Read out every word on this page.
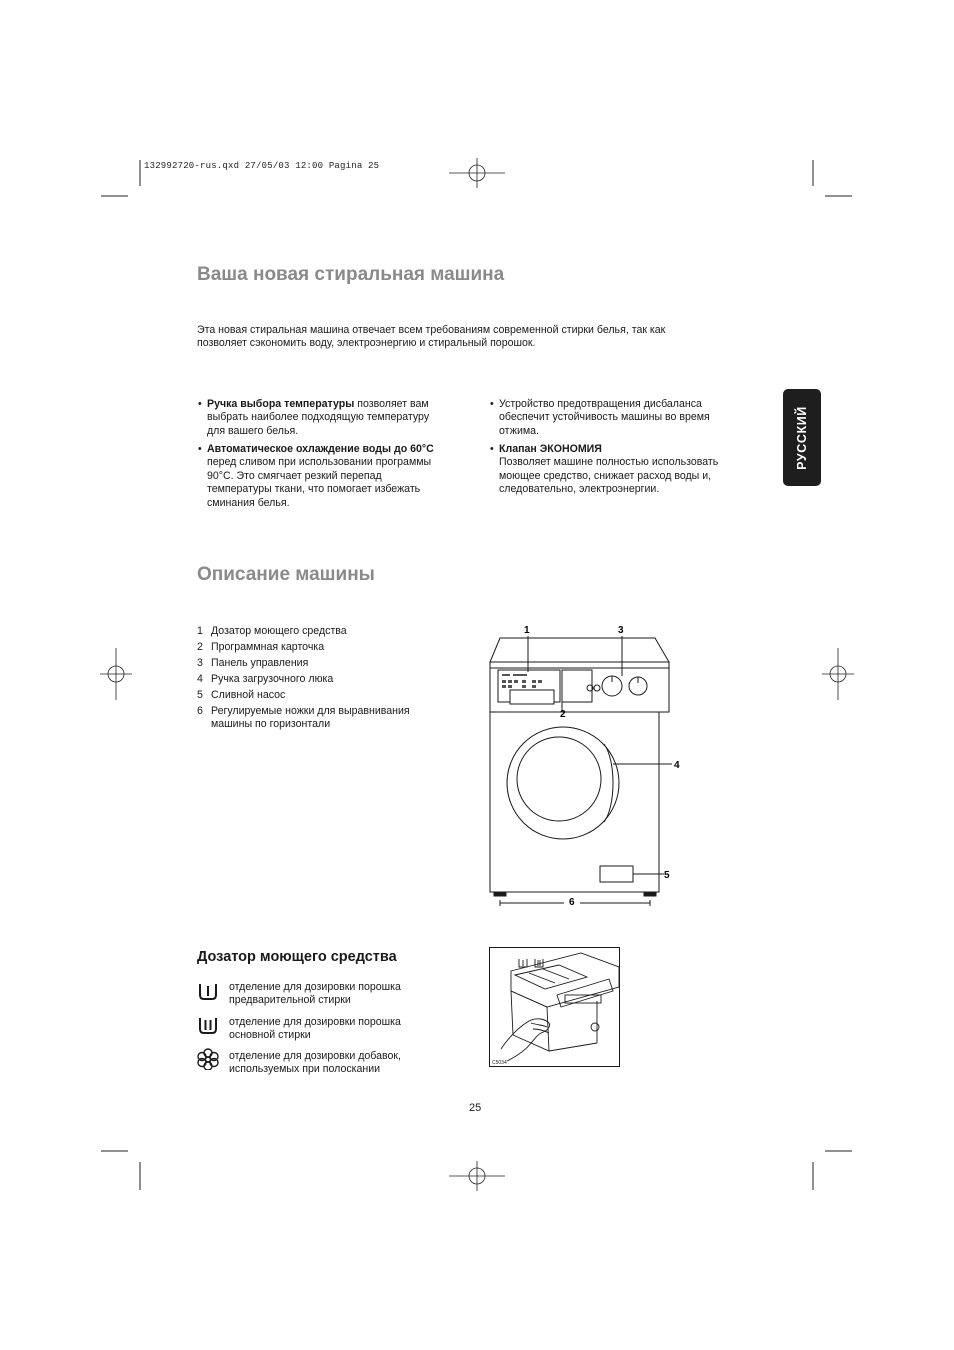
132992720-rus.qxd 27/05/03 12:00 Pagina 25
Ваша новая стиральная машина
Эта новая стиральная машина отвечает всем требованиям современной стирки белья, так как
позволяет сэкономить воду, электроэнергию и стиральный порошок.
• Ручка выбора температуры позволяет вам
выбрать наиболее подходящую температуру
для вашего белья.
• Автоматическое охлаждение воды до 60°С
перед сливом при использовании программы
90°С. Это смягчает резкий перепад
температуры ткани, что помогает избежать
сминания белья.
• Устройство предотвращения дисбаланса
обеспечит устойчивость машины во время
отжима.
• Клапан ЭКОНОМИЯ
Позволяет машине полностью использовать
моющее средство, снижает расход воды и,
следовательно, электроэнергии.
РУССКИЙ
Описание машины
1 Дозатор моющего средства
2 Программная карточка
3 Панель управления
4 Ручка загрузочного люка
5 Сливной насос
6 Регулируемые ножки для выравнивания
машины по горизонтали
1
2
3
4
5
6
Дозатор моющего средства
отделение для дозировки порошка
предварительной стирки
отделение для дозировки порошка
основной стирки
отделение для дозировки добавок,
используемых при полоскании	C5034
25
